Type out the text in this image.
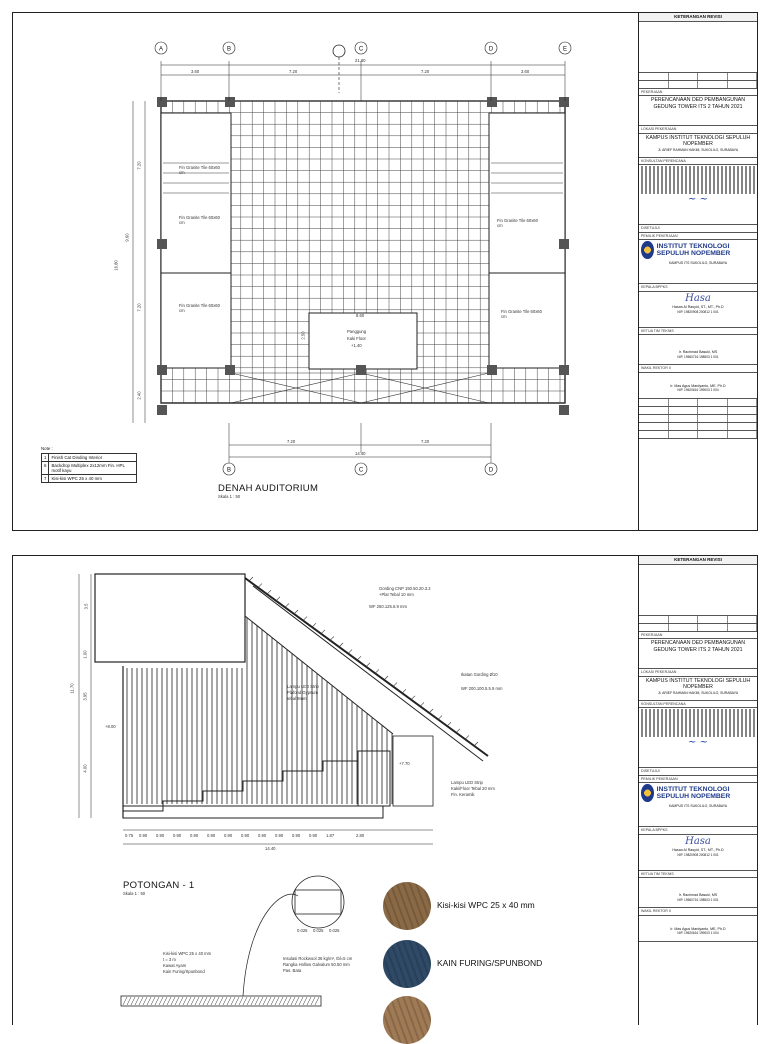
A	B	C	D	E
B	C	D
3.60	7.20	7.20	3.60
21.60
7.20	7.20
14.40
7.20
7.20
2.40
9.60
16.80
Fin Granite Tile 60x60 cm
Fin Granite Tile 60x60 cm
Fin Granite Tile 60x60 cm
Fin Granite Tile 60x60 cm
Fin Granite Tile 60x60 cm
8.60
2.50	Panggung
Kaki Floor
+1.40
Note :
1	Finish Cat Dinding Interior
6	Backdrop Multiplex 2x12mm Fin. HPL motif kayu
7	Kisi-kisi WPC 25 x 40 mm
DENAH AUDITORIUM
Skala 1 : 50
KETERANGAN REVISI
PEKERJAAN
PERENCANAAN DED PEMBANGUNAN GEDUNG TOWER ITS 2 TAHUN 2021
LOKASI PEKERJAAN
KAMPUS INSTITUT TEKNOLOGI SEPULUH NOPEMBER
Jl. ARIEF RAHMAN HAKIM, SUKOLILO, SURABAYA
KONSULTAN PERENCANA
~ ~
DISETUJUI
PEMILIK PEKERJAAN
INSTITUT TEKNOLOGI SEPULUH NOPEMBER
KAMPUS ITS SUKOLILO, SURABAYA
KEPALA BPPKS
Hasa
Hasan Al Rasyid, ST., MT., Ph.D
NIP. 19820908 200812 1 001
KETUA TIM TEKNIS
Ir. Rachmad Basuki, MS
NIP. 19560716 198503 1 001
WAKIL REKTOR II
Ir. Mas Agus Mardyanto, ME, Ph.D
NIP. 19620616 199003 1 004
Gording CNP 150.50.20.3.2
+Plat Tebal 10 mm
WF 250.125.6.9 mm
Lampu LED Strip
Plafond Gypsum
tebal 9mm
Ikatan Gording Ø10
WF 200.100.5.5.9 mm
Lampu LED Strip
Kaki/Floor Tebal 20 mm
Fin. Keramik
+7.70
+8.00
0.75 0.90 0.90 0.90 0.90 0.90 0.90 0.90 0.90 0.90 0.90 0.90 1.87	2.80
14.40
3.5
1.00
3.95
4.00
11.70
POTONGAN - 1
Skala 1 : 50
Kisi-kisi WPC 25 x 40 mm
t = 3 m
Kawat Ayam
Kain Furing/Spunbond
Insulasi Rockwool 36 kg/m², tbl=5 cm
Rangka Hollow Galvalum 50.50 mm
Pas. Bata
0.025 0.025 0.025
Kisi-kisi WPC 25 x 40 mm
KAIN FURING/SPUNBOND
KETERANGAN REVISI
PEKERJAAN
PERENCANAAN DED PEMBANGUNAN GEDUNG TOWER ITS 2 TAHUN 2021
LOKASI PEKERJAAN
KAMPUS INSTITUT TEKNOLOGI SEPULUH NOPEMBER
Jl. ARIEF RAHMAN HAKIM, SUKOLILO, SURABAYA
KONSULTAN PERENCANA
~ ~
DISETUJUI
PEMILIK PEKERJAAN
INSTITUT TEKNOLOGI SEPULUH NOPEMBER
KAMPUS ITS SUKOLILO, SURABAYA
KEPALA BPPKS
Hasa
Hasan Al Rasyid, ST., MT., Ph.D
NIP. 19820908 200812 1 001
KETUA TIM TEKNIS
Ir. Rachmad Basuki, MS
NIP. 19560716 198503 1 001
WAKIL REKTOR II
Ir. Mas Agus Mardyanto, ME, Ph.D
NIP. 19620616 199003 1 004
